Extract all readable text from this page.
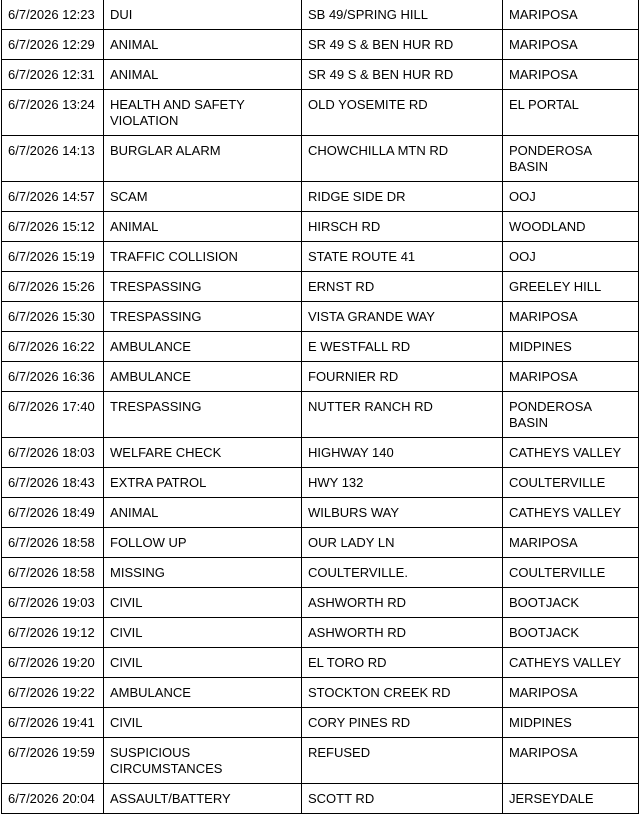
6/7/2026 12:23	DUI	SB 49/SPRING HILL	MARIPOSA
6/7/2026 12:29	ANIMAL	SR 49 S & BEN HUR RD	MARIPOSA
6/7/2026 12:31	ANIMAL	SR 49 S & BEN HUR RD	MARIPOSA
6/7/2026 13:24	HEALTH AND SAFETY VIOLATION	OLD YOSEMITE RD	EL PORTAL
6/7/2026 14:13	BURGLAR ALARM	CHOWCHILLA MTN RD	PONDEROSA BASIN
6/7/2026 14:57	SCAM	RIDGE SIDE DR	OOJ
6/7/2026 15:12	ANIMAL	HIRSCH RD	WOODLAND
6/7/2026 15:19	TRAFFIC COLLISION	STATE ROUTE 41	OOJ
6/7/2026 15:26	TRESPASSING	ERNST RD	GREELEY HILL
6/7/2026 15:30	TRESPASSING	VISTA GRANDE WAY	MARIPOSA
6/7/2026 16:22	AMBULANCE	E WESTFALL RD	MIDPINES
6/7/2026 16:36	AMBULANCE	FOURNIER RD	MARIPOSA
6/7/2026 17:40	TRESPASSING	NUTTER RANCH RD	PONDEROSA BASIN
6/7/2026 18:03	WELFARE CHECK	HIGHWAY 140	CATHEYS VALLEY
6/7/2026 18:43	EXTRA PATROL	HWY 132	COULTERVILLE
6/7/2026 18:49	ANIMAL	WILBURS WAY	CATHEYS VALLEY
6/7/2026 18:58	FOLLOW UP	OUR LADY LN	MARIPOSA
6/7/2026 18:58	MISSING	COULTERVILLE.	COULTERVILLE
6/7/2026 19:03	CIVIL	ASHWORTH RD	BOOTJACK
6/7/2026 19:12	CIVIL	ASHWORTH RD	BOOTJACK
6/7/2026 19:20	CIVIL	EL TORO RD	CATHEYS VALLEY
6/7/2026 19:22	AMBULANCE	STOCKTON CREEK RD	MARIPOSA
6/7/2026 19:41	CIVIL	CORY PINES RD	MIDPINES
6/7/2026 19:59	SUSPICIOUS CIRCUMSTANCES	REFUSED	MARIPOSA
6/7/2026 20:04	ASSAULT/BATTERY	SCOTT RD	JERSEYDALE
